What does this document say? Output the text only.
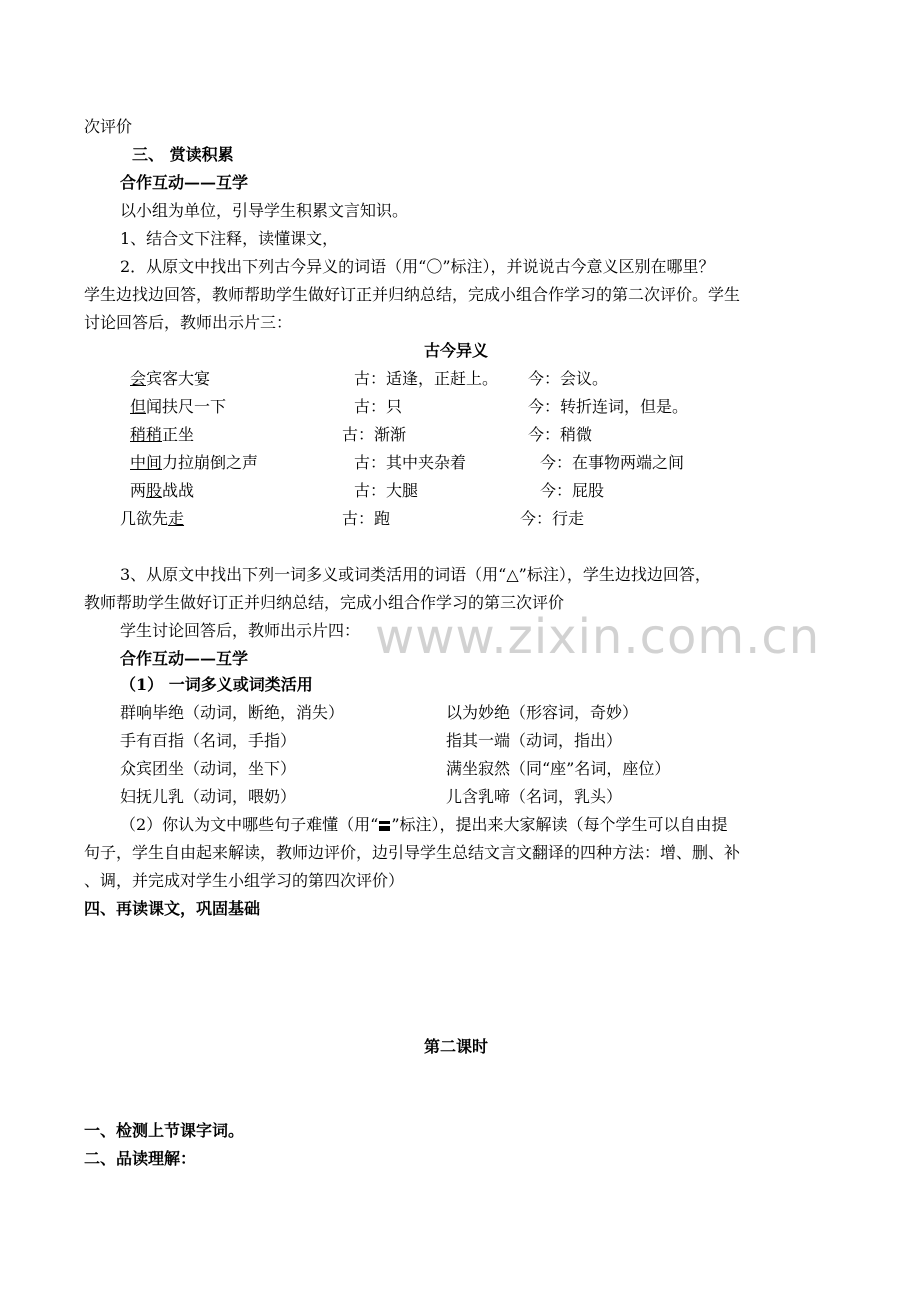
次评价
三、 赏读积累
合作互动——互学
以小组为单位，引导学生积累文言知识。
1、结合文下注释，读懂课文，
2．从原文中找出下列古今异义的词语（用“〇”标注），并说说古今意义区别在哪里？
学生边找边回答，教师帮助学生做好订正并归纳总结，完成小组合作学习的第二次评价。学生
讨论回答后，教师出示片三：
古今异义
会宾客大宴	古：适逢，正赶上。 今：会议。
但闻扶尺一下	古：只	今：转折连词，但是。
稍稍正坐	古：渐渐	今：稍微
中间力拉崩倒之声	古：其中夹杂着	今：在事物两端之间
两股战战	古：大腿	今：屁股
几欲先走	古：跑	今：行走
3、从原文中找出下列一词多义或词类活用的词语（用“△”标注），学生边找边回答，
教师帮助学生做好订正并归纳总结，完成小组合作学习的第三次评价
学生讨论回答后，教师出示片四： www.zixin.com.cn
合作互动——互学
（1） 一词多义或词类活用
群响毕绝（动词，断绝，消失）	以为妙绝（形容词，奇妙）
手有百指（名词，手指）	指其一端（动词，指出）
众宾团坐（动词，坐下）	满坐寂然（同“座”名词，座位）
妇抚儿乳（动词，喂奶）	儿含乳啼（名词，乳头）
（2）你认为文中哪些句子难懂（用“ ”标注），提出来大家解读（每个学生可以自由提
句子，学生自由起来解读，教师边评价，边引导学生总结文言文翻译的四种方法：增、删、补
、调，并完成对学生小组学习的第四次评价）
四、再读课文，巩固基础
第二课时
一、检测上节课字词。
二、品读理解：
